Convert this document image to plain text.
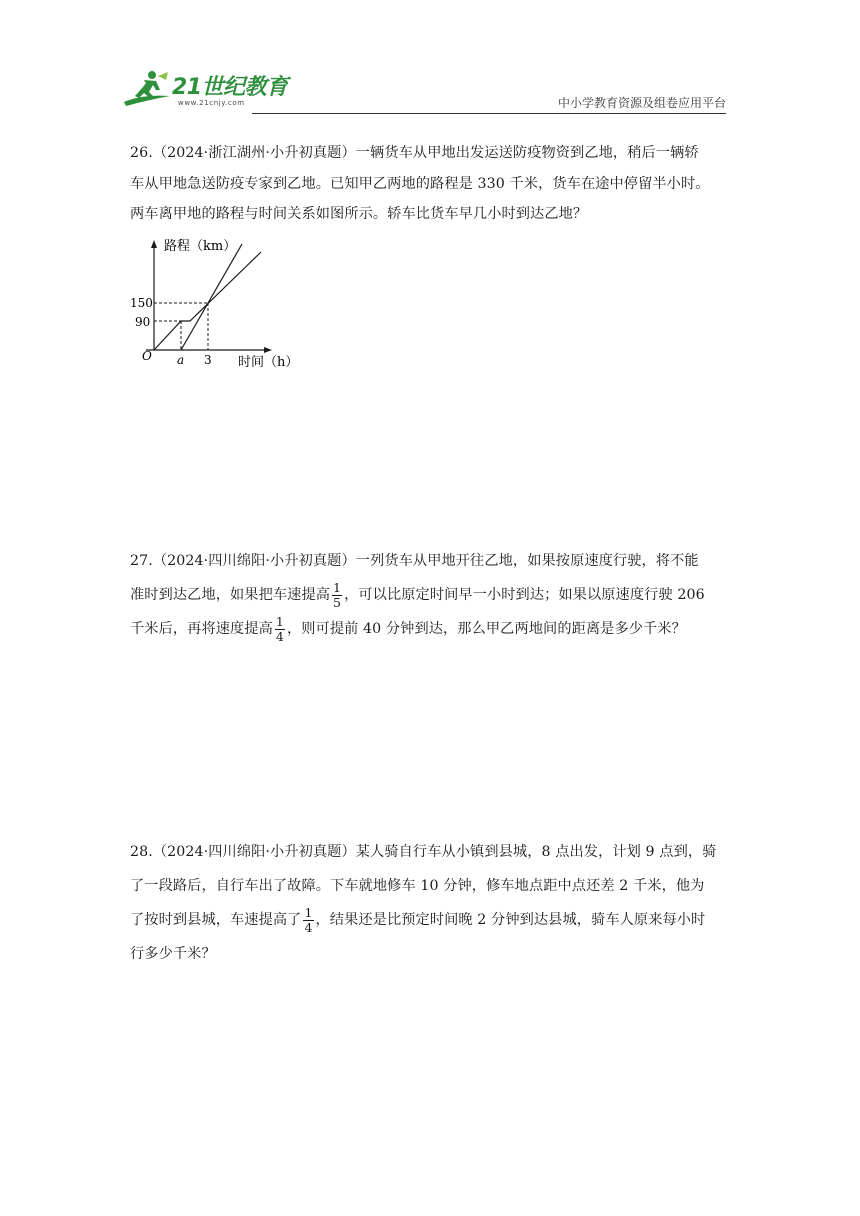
21世纪教育
www.21cnjy.com	中小学教育资源及组卷应用平台

26.（2024·浙江湖州·小升初真题）一辆货车从甲地出发运送防疫物资到乙地，稍后一辆轿

车从甲地急送防疫专家到乙地。已知甲乙两地的路程是 330 千米，货车在途中停留半小时。

两车离甲地的路程与时间关系如图所示。轿车比货车早几小时到达乙地？

路程（km）
时间（h）
O
150
90
a 3

27.（2024·四川绵阳·小升初真题）一列货车从甲地开往乙地，如果按原速度行驶，将不能

准时到达乙地，如果把车速提高 $\frac{1}{5}$ ，可以比原定时间早一小时到达；如果以原速度行驶 206

千米后，再将速度提高 $\frac{1}{4}$ ，则可提前 40 分钟到达，那么甲乙两地间的距离是多少千米？

28.（2024·四川绵阳·小升初真题）某人骑自行车从小镇到县城，8 点出发，计划 9 点到，骑

了一段路后，自行车出了故障。下车就地修车 10 分钟，修车地点距中点还差 2 千米，他为

了按时到县城，车速提高了 $\frac{1}{4}$ ，结果还是比预定时间晚 2 分钟到达县城，骑车人原来每小时

行多少千米？
